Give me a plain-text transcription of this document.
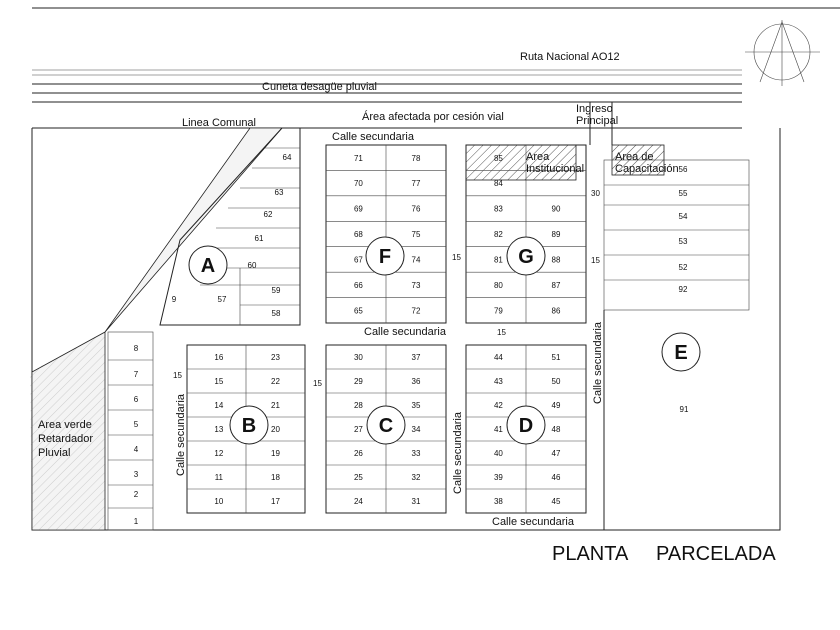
A
B	C	D
E
F	G
16
15
14
13
12
11
10
23
22
21
20
19
18
17
30
29
28
27
26
25
24
37
36
35
34
33
32
31
44
43
42
41
40
39
38
51
50
49
48
47
46
45
71
70
69
68
67
66
65
78
77
76
75
74
73
72
85
84
83
82
81
80
79
90
89
88
87
86
64
63
62
61
60
59
58
57
9
8
7
6
5
4
3
2
1
56
55
54
53
52
92
91
Ruta Nacional AO12
Cuneta desagüe pluvial
Área afectada por cesión vial
Linea Comunal
Ingreso
Principal
Area
Institucional
Area de
Capacitación
Area verde
Retardador
Pluvial
Calle secundaria
Calle secundaria
Calle secundaria
Calle secundaria	Calle secundaria
Calle secundaria
15	15
15
15
15
30
PLANTA PARCELADA
